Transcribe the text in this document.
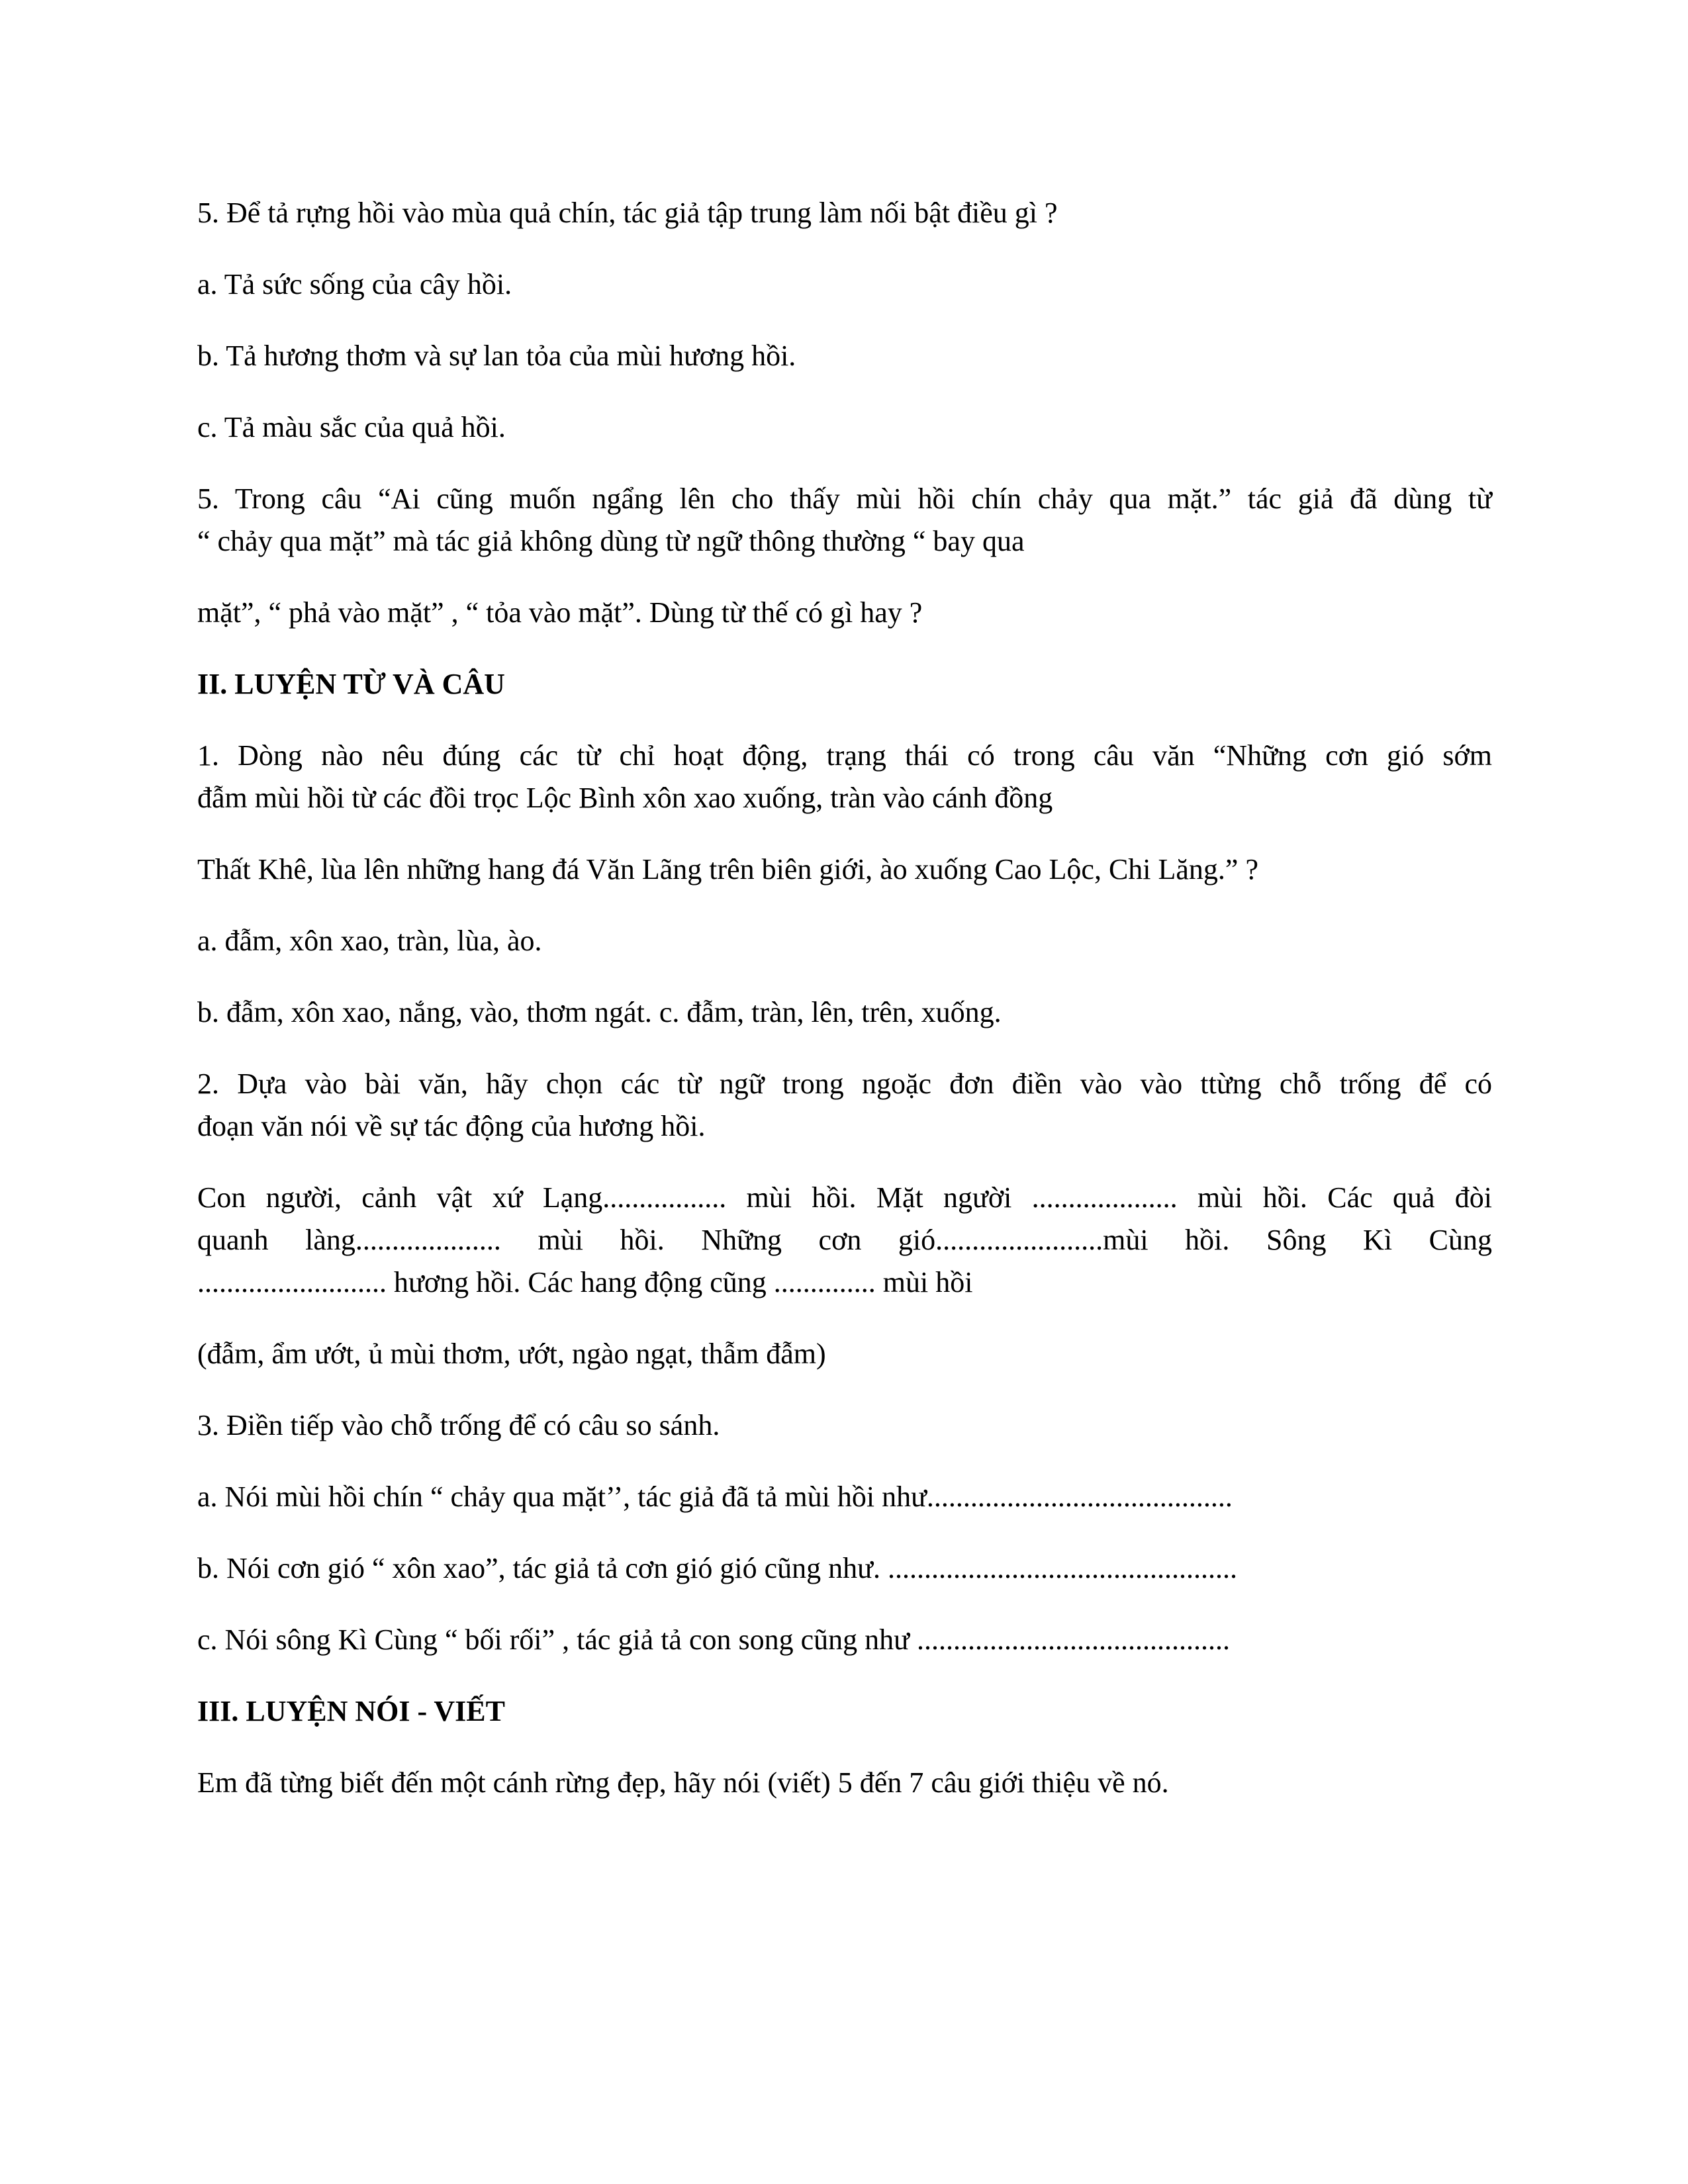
5. Để tả rựng hồi vào mùa quả chín, tác giả tập trung làm nối bật điều gì ?
a. Tả sức sống của cây hồi.
b. Tả hương thơm và sự lan tỏa của mùi hương hồi.
c. Tả màu sắc của quả hồi.
5. Trong câu “Ai cũng muốn ngẩng lên cho thấy mùi hồi chín chảy qua mặt.” tác giả đã dùng từ
“ chảy qua mặt” mà tác giả không dùng từ ngữ thông thường “ bay qua
mặt”, “ phả vào mặt” , “ tỏa vào mặt”. Dùng từ thế có gì hay ?
II. LUYỆN TỪ VÀ CÂU
1. Dòng nào nêu đúng các từ chỉ hoạt động, trạng thái có trong câu văn “Những cơn gió sớm
đẫm mùi hồi từ các đồi trọc Lộc Bình xôn xao xuống, tràn vào cánh đồng
Thất Khê, lùa lên những hang đá Văn Lãng trên biên giới, ào xuống Cao Lộc, Chi Lăng.” ?
a. đẫm, xôn xao, tràn, lùa, ào.
b. đẫm, xôn xao, nắng, vào, thơm ngát. c. đẫm, tràn, lên, trên, xuống.
2. Dựa vào bài văn, hãy chọn các từ ngữ trong ngoặc đơn điền vào vào ttừng chỗ trống để có
đoạn văn nói về sự tác động của hương hồi.
Con người, cảnh vật xứ Lạng................. mùi hồi. Mặt người .................... mùi hồi. Các quả đòi
quanh làng.................... mùi hồi. Những cơn gió.......................mùi hồi. Sông Kì Cùng
.......................... hương hồi. Các hang động cũng .............. mùi hồi
(đẫm, ẩm ướt, ủ mùi thơm, ướt, ngào ngạt, thẫm đẫm)
3. Điền tiếp vào chỗ trống để có câu so sánh.
a. Nói mùi hồi chín “ chảy qua mặt’’, tác giả đã tả mùi hồi như..........................................
b. Nói cơn gió “ xôn xao”, tác giả tả cơn gió gió cũng như. ................................................
c. Nói sông Kì Cùng “ bối rối” , tác giả tả con song cũng như ...........................................
III. LUYỆN NÓI - VIẾT
Em đã từng biết đến một cánh rừng đẹp, hãy nói (viết) 5 đến 7 câu giới thiệu về nó.
